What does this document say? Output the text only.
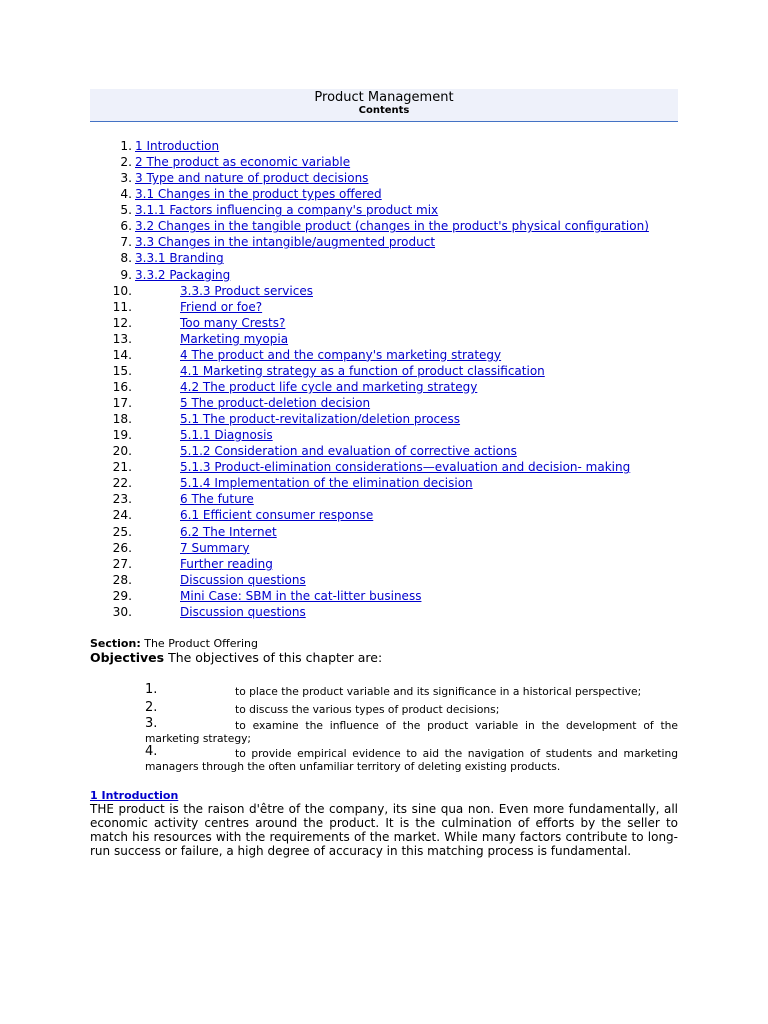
Product Management
Contents
1. 1 Introduction
2. 2 The product as economic variable
3. 3 Type and nature of product decisions
4. 3.1 Changes in the product types offered
5. 3.1.1 Factors influencing a company's product mix
6. 3.2 Changes in the tangible product (changes in the product's physical configuration)
7. 3.3 Changes in the intangible/augmented product
8. 3.3.1 Branding
9. 3.3.2 Packaging
10.	3.3.3 Product services
11.	Friend or foe?
12.	Too many Crests?
13.	Marketing myopia
14.	4 The product and the company's marketing strategy
15.	4.1 Marketing strategy as a function of product classification
16.	4.2 The product life cycle and marketing strategy
17.	5 The product-deletion decision
18.	5.1 The product-revitalization/deletion process
19.	5.1.1 Diagnosis
20.	5.1.2 Consideration and evaluation of corrective actions
21.	5.1.3 Product-elimination considerations—evaluation and decision- making
22.	5.1.4 Implementation of the elimination decision
23.	6 The future
24.	6.1 Efficient consumer response
25.	6.2 The Internet
26.	7 Summary
27.	Further reading
28.	Discussion questions
29.	Mini Case: SBM in the cat-litter business
30.	Discussion questions
Section: The Product Offering
Objectives The objectives of this chapter are:
1.	to place the product variable and its significance in a historical perspective;
2.	to discuss the various types of product decisions;
3.	to examine the influence of the product variable in the development of the marketing strategy;
4.	to provide empirical evidence to aid the navigation of students and marketing managers through the often unfamiliar territory of deleting existing products.
1 Introduction
THE product is the raison d'être of the company, its sine qua non. Even more fundamentally, all economic activity centres around the product. It is the culmination of efforts by the seller to match his resources with the requirements of the market. While many factors contribute to long-run success or failure, a high degree of accuracy in this matching process is fundamental.
